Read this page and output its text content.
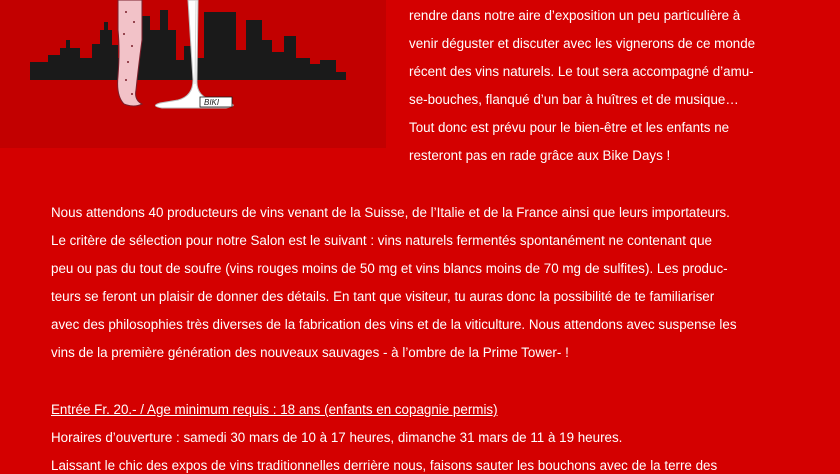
BIKI
rendre dans notre aire d’exposition un peu particulière à
venir déguster et discuter avec les vignerons de ce monde
récent des vins naturels. Le tout sera accompagné d’amu-
se-bouches, flanqué d’un bar à huîtres et de musique…
Tout donc est prévu pour le bien-être et les enfants ne
resteront pas en rade grâce aux Bike Days !
Nous attendons 40 producteurs de vins venant de la Suisse, de l’Italie et de la France ainsi que leurs importateurs.
Le critère de sélection pour notre Salon est le suivant : vins naturels fermentés spontanément ne contenant que
peu ou pas du tout de soufre (vins rouges moins de 50 mg et vins blancs moins de 70 mg de sulfites). Les produc-
teurs se feront un plaisir de donner des détails. En tant que visiteur, tu auras donc la possibilité de te familiariser
avec des philosophies très diverses de la fabrication des vins et de la viticulture. Nous attendons avec suspense les
vins de la première génération des nouveaux sauvages - à l’ombre de la Prime Tower- !
Entrée Fr. 20.- / Age minimum requis : 18 ans (enfants en copagnie permis)
Horaires d’ouverture : samedi 30 mars de 10 à 17 heures, dimanche 31 mars de 11 à 19 heures.
Laissant le chic des expos de vins traditionnelles derrière nous, faisons sauter les bouchons avec de la terre des
